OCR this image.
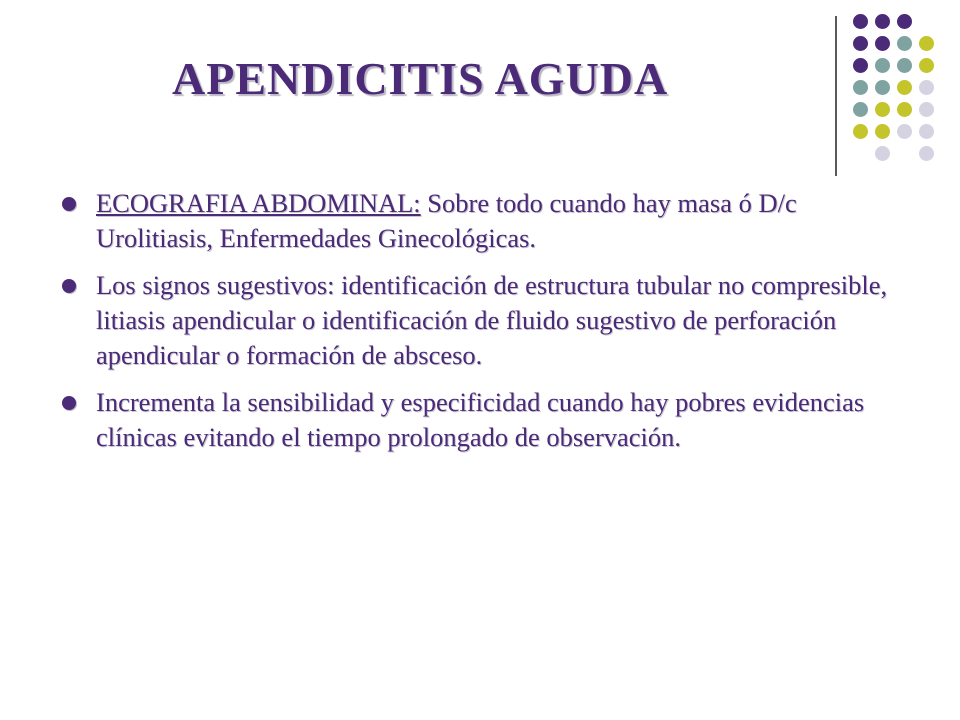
APENDICITIS AGUDA
ECOGRAFIA ABDOMINAL: Sobre todo cuando hay masa ó D/c Urolitiasis, Enfermedades Ginecológicas.
Los signos sugestivos: identificación de estructura tubular no compresible, litiasis apendicular o identificación de fluido sugestivo de perforación apendicular o formación de absceso.
Incrementa la sensibilidad y especificidad cuando hay pobres evidencias clínicas evitando el tiempo prolongado de observación.
